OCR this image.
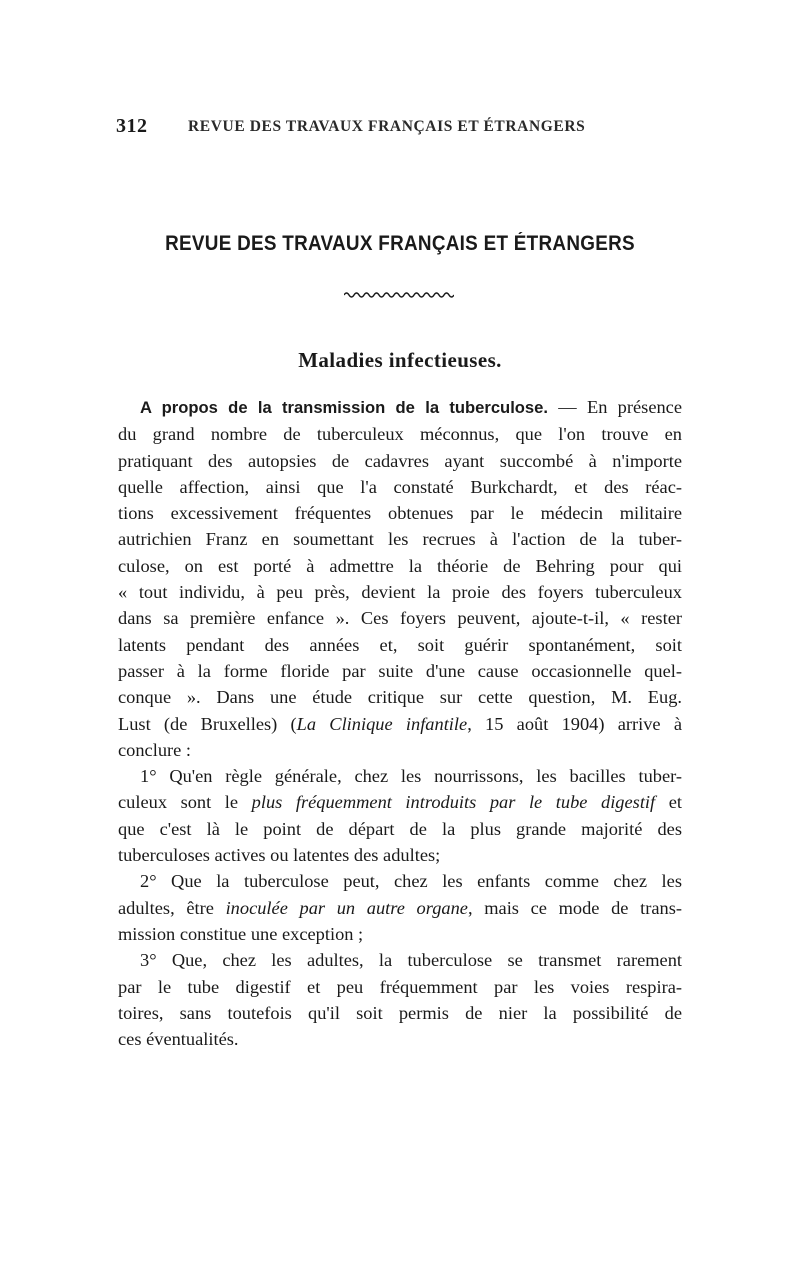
312	REVUE DES TRAVAUX FRANÇAIS ET ÉTRANGERS
REVUE DES TRAVAUX FRANÇAIS ET ÉTRANGERS
Maladies infectieuses.
A propos de la transmission de la tuberculose. — En présence
du grand nombre de tuberculeux méconnus, que l'on trouve en
pratiquant des autopsies de cadavres ayant succombé à n'importe
quelle affection, ainsi que l'a constaté Burkchardt, et des réac-
tions excessivement fréquentes obtenues par le médecin militaire
autrichien Franz en soumettant les recrues à l'action de la tuber-
culose, on est porté à admettre la théorie de Behring pour qui
« tout individu, à peu près, devient la proie des foyers tuberculeux
dans sa première enfance ». Ces foyers peuvent, ajoute-t-il, « rester
latents pendant des années et, soit guérir spontanément, soit
passer à la forme floride par suite d'une cause occasionnelle quel-
conque ». Dans une étude critique sur cette question, M. Eug.
Lust (de Bruxelles) (La Clinique infantile, 15 août 1904) arrive à
conclure :
1° Qu'en règle générale, chez les nourrissons, les bacilles tuber-
culeux sont le plus fréquemment introduits par le tube digestif et
que c'est là le point de départ de la plus grande majorité des
tuberculoses actives ou latentes des adultes;
2° Que la tuberculose peut, chez les enfants comme chez les
adultes, être inoculée par un autre organe, mais ce mode de trans-
mission constitue une exception ;
3° Que, chez les adultes, la tuberculose se transmet rarement
par le tube digestif et peu fréquemment par les voies respira-
toires, sans toutefois qu'il soit permis de nier la possibilité de
ces éventualités.
